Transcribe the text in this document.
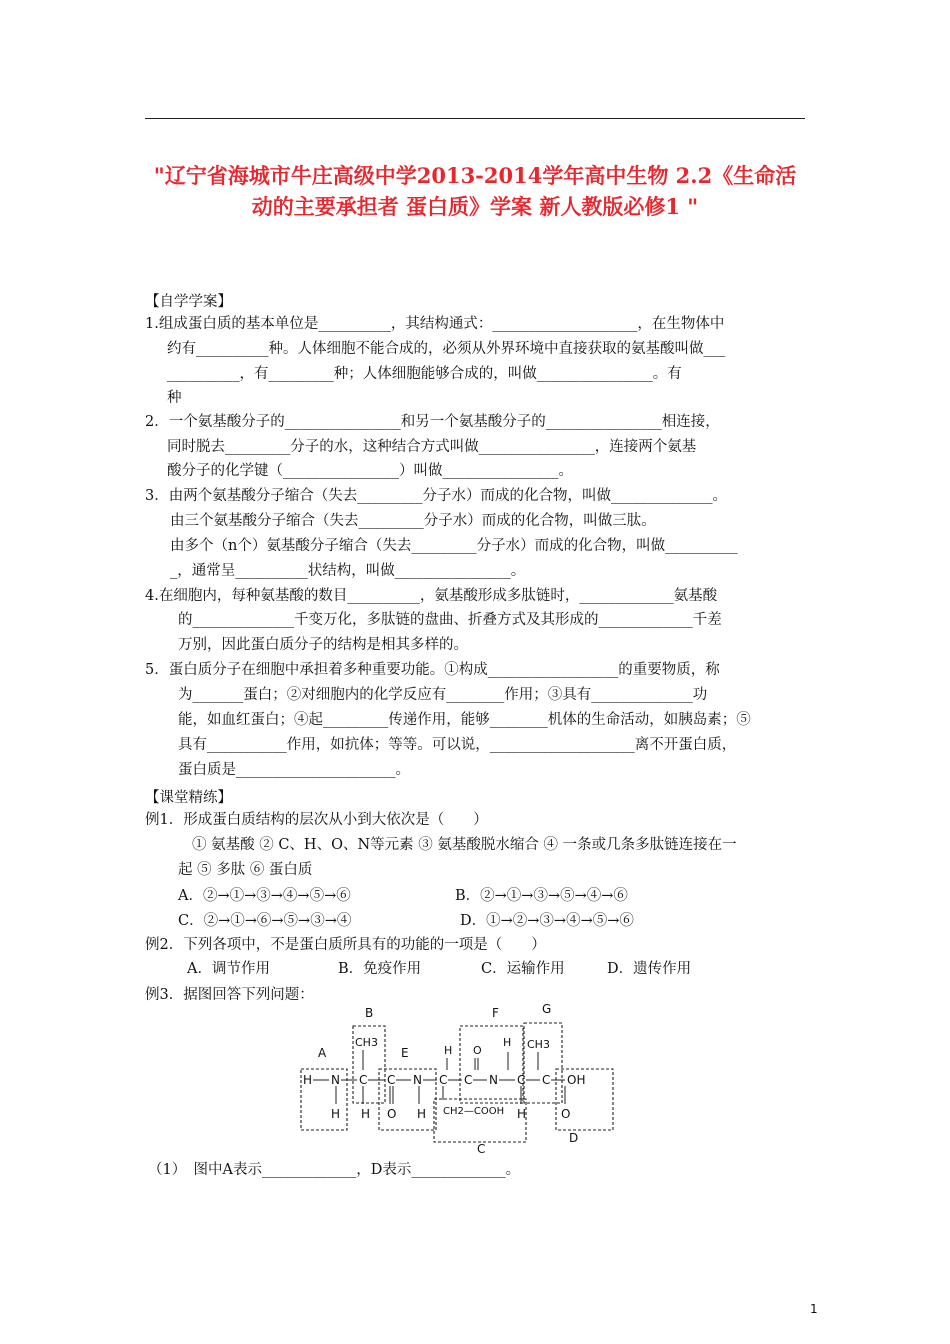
"辽宁省海城市牛庄高级中学2013-2014学年高中生物 2.2《生命活
动的主要承担者 蛋白质》学案 新人教版必修1 "
【自学学案】
1.组成蛋白质的基本单位是__________，其结构通式：____________________，在生物体中
约有__________种。人体细胞不能合成的，必须从外界环境中直接获取的氨基酸叫做___
__________，有_________种；人体细胞能够合成的，叫做________________。有
种
2．一个氨基酸分子的________________和另一个氨基酸分子的________________相连接，
同时脱去_________分子的水，这种结合方式叫做________________，连接两个氨基
酸分子的化学键（________________）叫做________________。
3．由两个氨基酸分子缩合（失去_________分子水）而成的化合物，叫做______________。
由三个氨基酸分子缩合（失去_________分子水）而成的化合物，叫做三肽。
由多个（n个）氨基酸分子缩合（失去_________分子水）而成的化合物，叫做__________
_，通常呈__________状结构，叫做________________。
4.在细胞内，每种氨基酸的数目__________，氨基酸形成多肽链时，_____________氨基酸
的______________千变万化，多肽链的盘曲、折叠方式及其形成的_____________千差
万别，因此蛋白质分子的结构是相其多样的。
5．蛋白质分子在细胞中承担着多种重要功能。①构成__________________的重要物质，称
为_______蛋白；②对细胞内的化学反应有________作用；③具有______________功
能，如血红蛋白；④起_________传递作用，能够________机体的生命活动，如胰岛素；⑤
具有___________作用，如抗体；等等。可以说，____________________离不开蛋白质，
蛋白质是______________________。
【课堂精练】
例1．形成蛋白质结构的层次从小到大依次是（　　）
① 氨基酸 ② C、H、O、N等元素 ③ 氨基酸脱水缩合 ④ 一条或几条多肽链连接在一
起 ⑤ 多肽 ⑥ 蛋白质
A．②→①→③→④→⑤→⑥	B．②→①→③→⑤→④→⑥
C．②→①→⑥→⑤→③→④	D．①→②→③→④→⑤→⑥
例2．下列各项中，不是蛋白质所具有的功能的一项是（　　）
A．调节作用	B．免疫作用	C．运输作用	D．遗传作用
例3．据图回答下列问题：
A
B
C
D
E
F	G
H N C C N C C N C C OH
CH3
H O
H CH3
H H O H CH2—COOH H	O
（1）　图中A表示_____________，D表示_____________。
1
